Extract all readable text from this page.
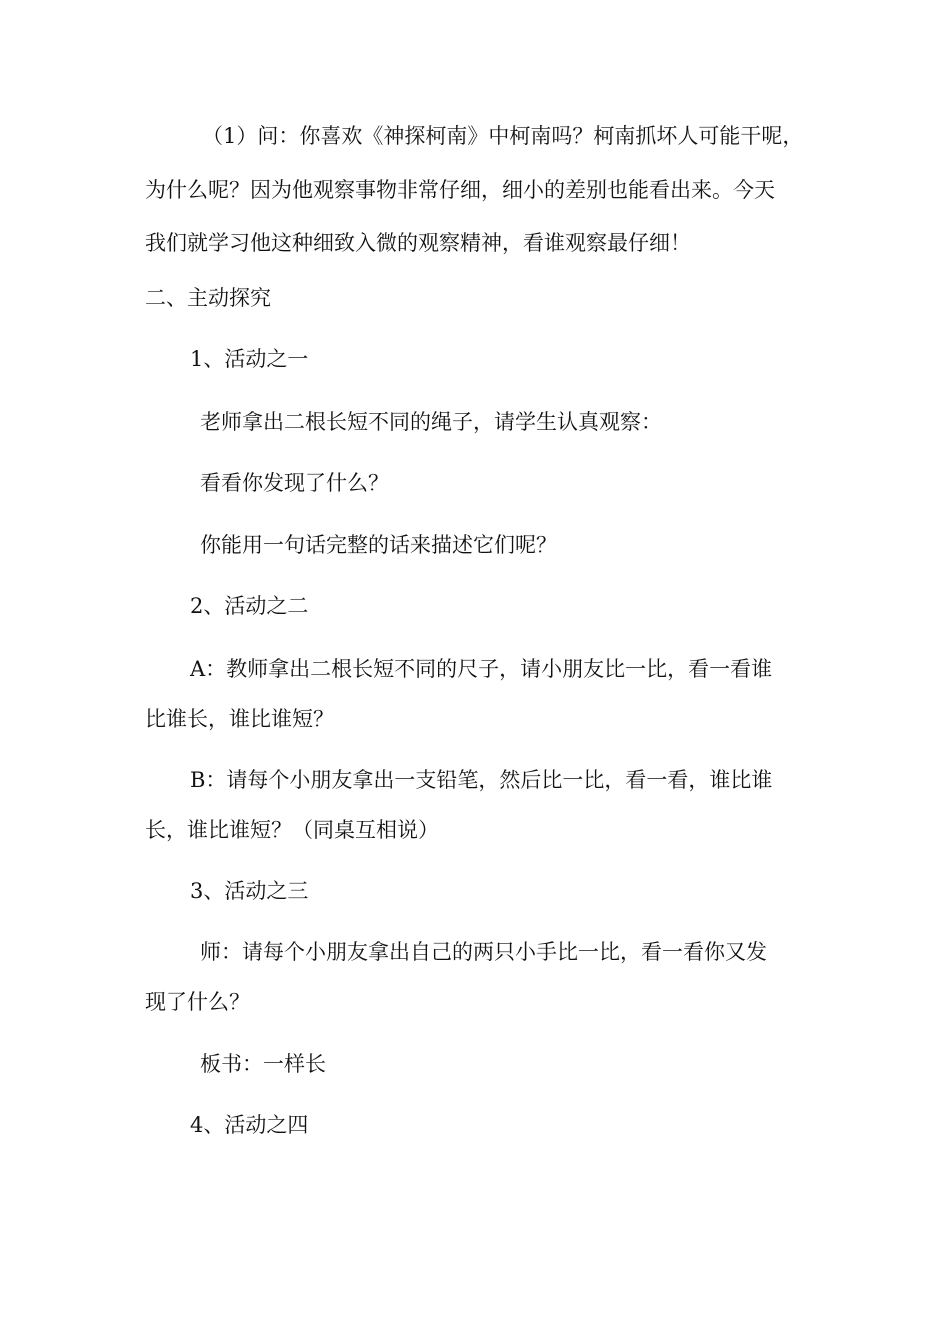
（1）问：你喜欢《神探柯南》中柯南吗？柯南抓坏人可能干呢，
为什么呢？因为他观察事物非常仔细，细小的差别也能看出来。今天
我们就学习他这种细致入微的观察精神，看谁观察最仔细！
二、主动探究
1、活动之一
老师拿出二根长短不同的绳子，请学生认真观察：
看看你发现了什么？
你能用一句话完整的话来描述它们呢？
2、活动之二
A：教师拿出二根长短不同的尺子，请小朋友比一比，看一看谁
比谁长，谁比谁短？
B：请每个小朋友拿出一支铅笔，然后比一比，看一看，谁比谁
长，谁比谁短？（同桌互相说）
3、活动之三
师：请每个小朋友拿出自己的两只小手比一比，看一看你又发
现了什么？
板书：一样长
4、活动之四
